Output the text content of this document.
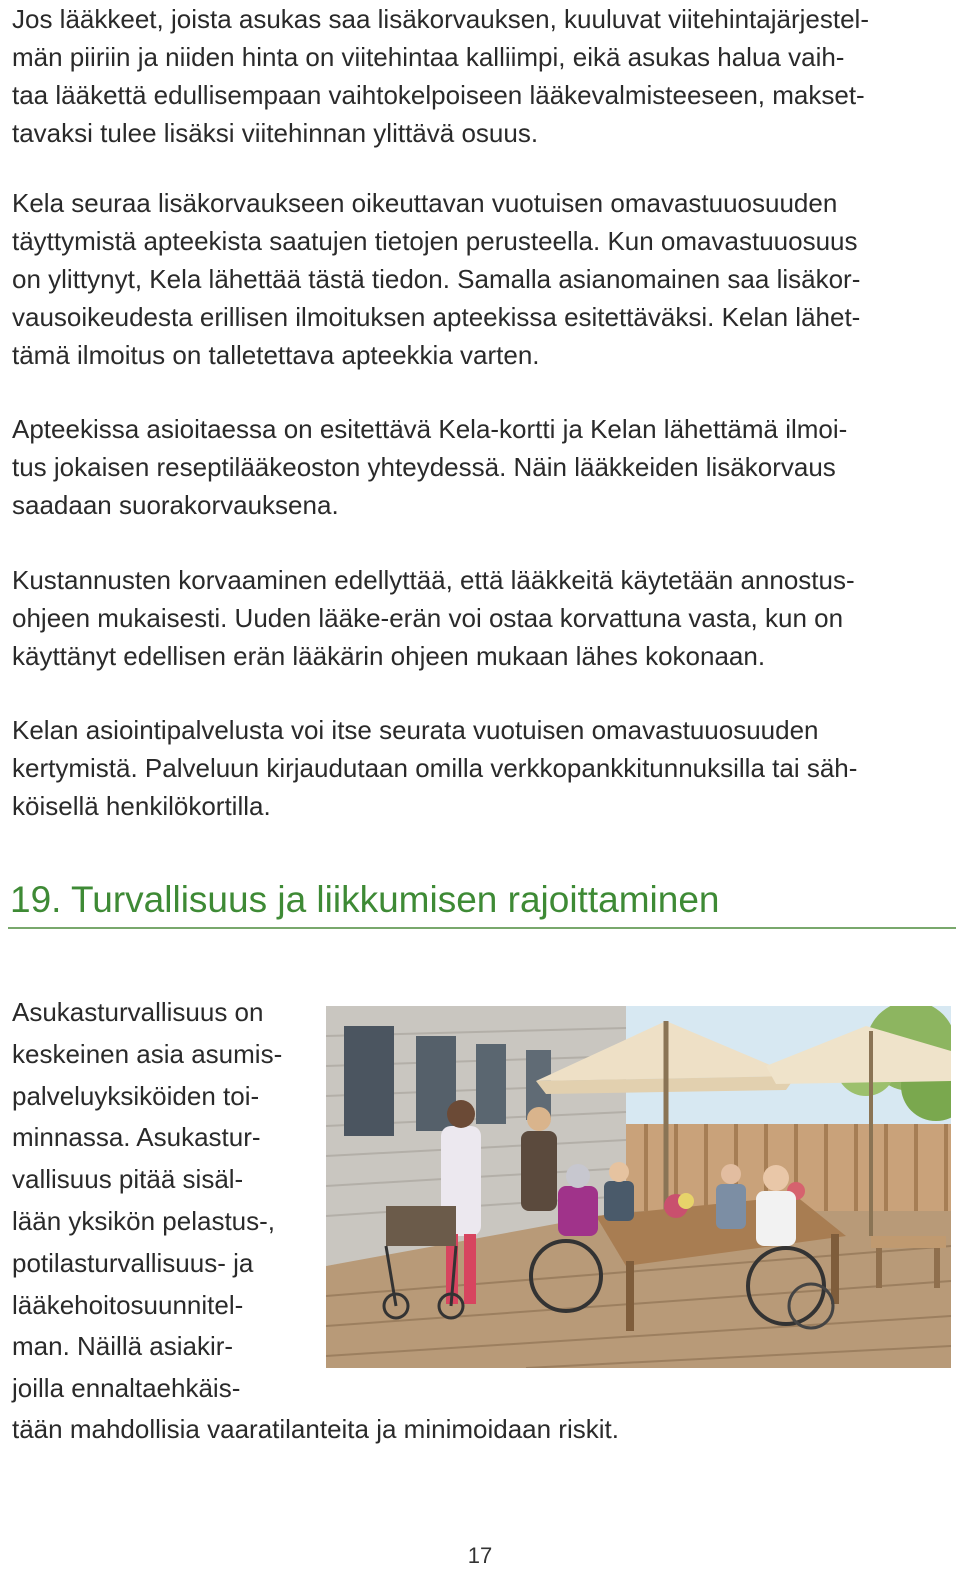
Jos lääkkeet, joista asukas saa lisäkorvauksen, kuuluvat viitehintajärjestel-
män piiriin ja niiden hinta on viitehintaa kalliimpi, eikä asukas halua vaih-
taa lääkettä edullisempaan vaihtokelpoiseen lääkevalmisteeseen, makset-
tavaksi tulee lisäksi viitehinnan ylittävä osuus.

Kela seuraa lisäkorvaukseen oikeuttavan vuotuisen omavastuuosuuden
täyttymistä apteekista saatujen tietojen perusteella. Kun omavastuuosuus
on ylittynyt, Kela lähettää tästä tiedon. Samalla asianomainen saa lisäkor-
vausoikeudesta erillisen ilmoituksen apteekissa esitettäväksi. Kelan lähet-
tämä ilmoitus on talletettava apteekkia varten.

Apteekissa asioitaessa on esitettävä Kela-kortti ja Kelan lähettämä ilmoi-
tus jokaisen reseptilääkeoston yhteydessä. Näin lääkkeiden lisäkorvaus
saadaan suorakorvauksena.

Kustannusten korvaaminen edellyttää, että lääkkeitä käytetään annostus-
ohjeen mukaisesti. Uuden lääke-erän voi ostaa korvattuna vasta, kun on
käyttänyt edellisen erän lääkärin ohjeen mukaan lähes kokonaan.

Kelan asiointipalvelusta voi itse seurata vuotuisen omavastuuosuuden
kertymistä. Palveluun kirjaudutaan omilla verkkopankkitunnuksilla tai säh-
köisellä henkilökortilla.

19. Turvallisuus ja liikkumisen rajoittaminen

Asukasturvallisuus on
keskeinen asia asumis-
palveluyksiköiden toi-
minnassa. Asukastur-
vallisuus pitää sisäl-
lään yksikön pelastus-,
potilasturvallisuus- ja
lääkehoitosuunnitel-
man. Näillä asiakir-
joilla ennaltaehkäis-

tään mahdollisia vaaratilanteita ja minimoidaan riskit.

17
